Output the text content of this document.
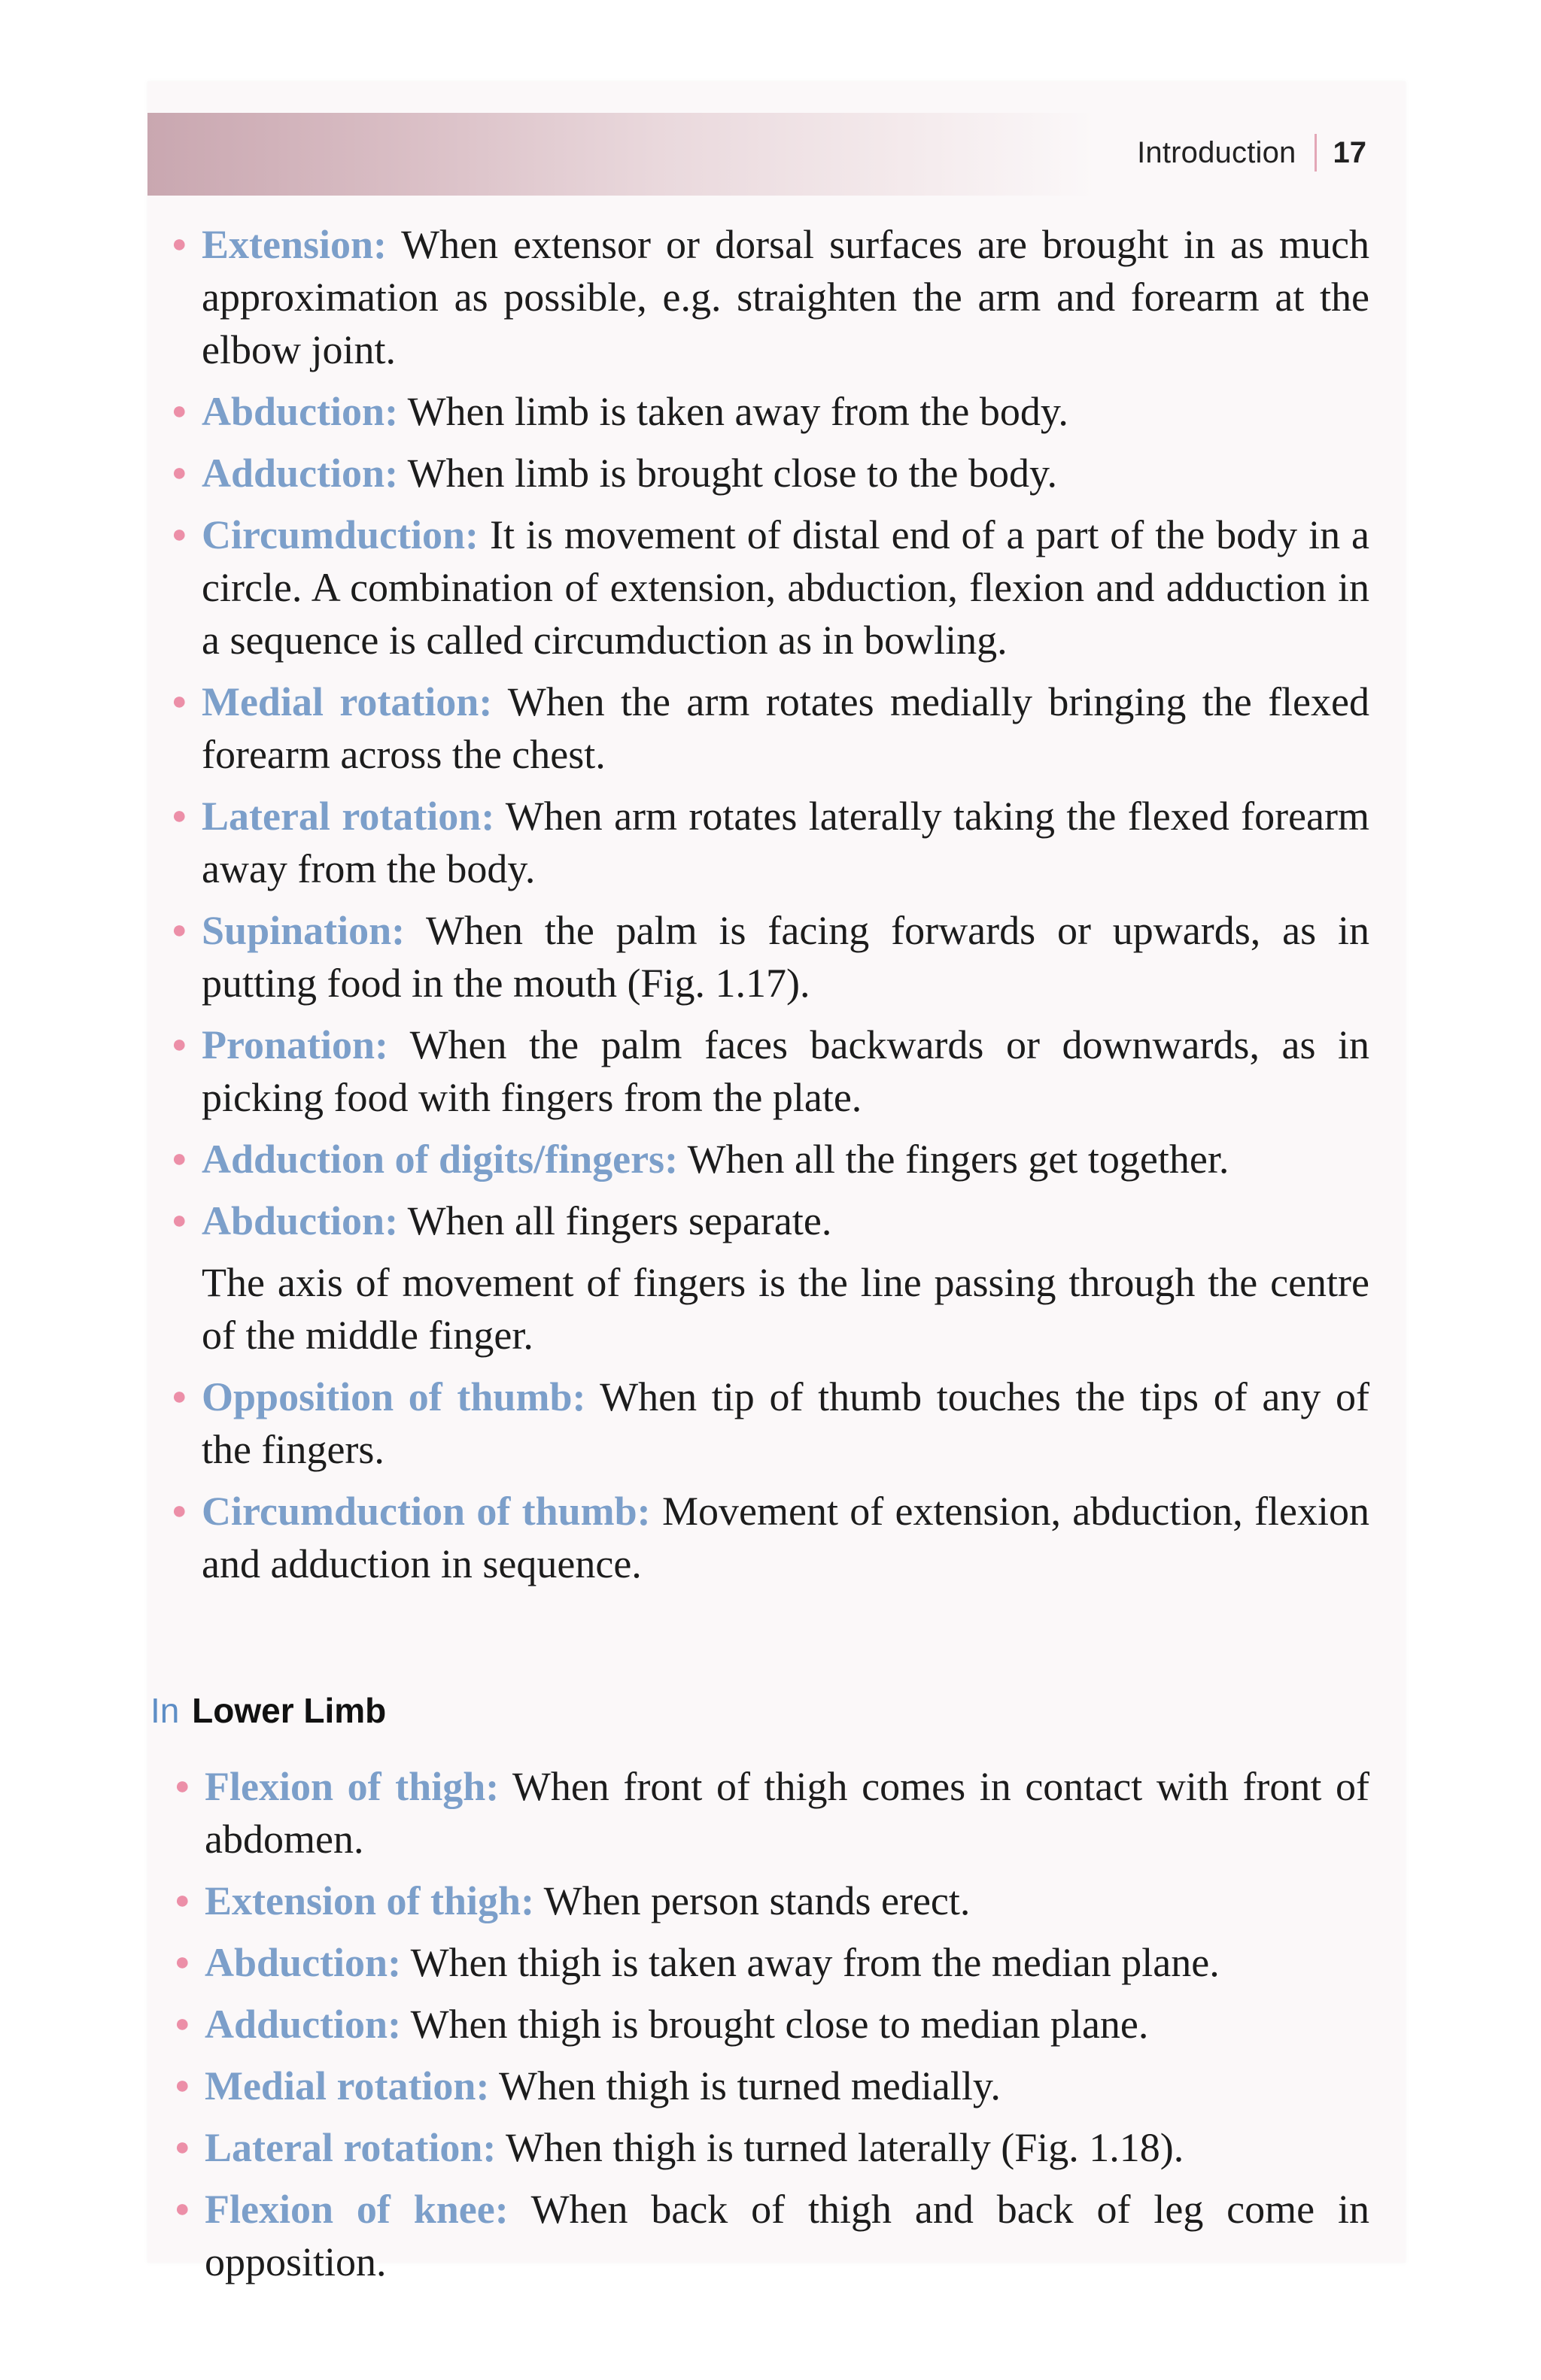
Introduction 17
● Extension: When extensor or dorsal surfaces are brought in as much approximation as possible, e.g. straighten the arm and forearm at the elbow joint.
● Abduction: When limb is taken away from the body.
● Adduction: When limb is brought close to the body.
● Circumduction: It is movement of distal end of a part of the body in a circle. A combination of extension, abduction, flexion and adduction in a sequence is called circumduction as in bowling.
● Medial rotation: When the arm rotates medially bringing the flexed forearm across the chest.
● Lateral rotation: When arm rotates laterally taking the flexed forearm away from the body.
● Supination: When the palm is facing forwards or upwards, as in putting food in the mouth (Fig. 1.17).
● Pronation: When the palm faces backwards or downwards, as in picking food with fingers from the plate.
● Adduction of digits/fingers: When all the fingers get together.
● Abduction: When all fingers separate.
The axis of movement of fingers is the line passing through the centre of the middle finger.
● Opposition of thumb: When tip of thumb touches the tips of any of the fingers.
● Circumduction of thumb: Movement of extension, abduction, flexion and adduction in sequence.
In Lower Limb
● Flexion of thigh: When front of thigh comes in contact with front of abdomen.
● Extension of thigh: When person stands erect.
● Abduction: When thigh is taken away from the median plane.
● Adduction: When thigh is brought close to median plane.
● Medial rotation: When thigh is turned medially.
● Lateral rotation: When thigh is turned laterally (Fig. 1.18).
● Flexion of knee: When back of thigh and back of leg come in opposition.
